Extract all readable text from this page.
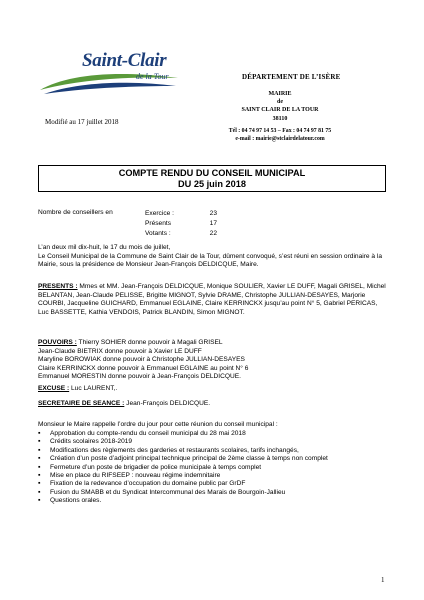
Saint-Clair
de la Tour	DÉPARTEMENT DE L’ISÈRE
MAIRIE
de
SAINT CLAIR DE LA TOUR
38110
Modifié au 17 juillet 2018
Tél : 04 74 97 14 53 – Fax : 04 74 97 81 75
e-mail : mairie@stclairdelatour.com
COMPTE RENDU DU CONSEIL MUNICIPAL
DU 25 juin 2018
Nombre de conseillers en	Exercice :	23
Présents	17
Votants :	22
L’an deux mil dix-huit, le 17 du mois de juillet,
Le Conseil Municipal de la Commune de Saint Clair de la Tour, dûment convoqué, s’est réuni en session ordinaire à la Mairie, sous la présidence de Monsieur Jean-François DELDICQUE, Maire.
PRESENTS : Mmes et MM. Jean-François DELDICQUE, Monique SOULIER, Xavier LE DUFF, Magali GRISEL, Michel BELANTAN, Jean-Claude PELISSE, Brigitte MIGNOT, Sylvie DRAME, Christophe JULLIAN-DESAYES, Marjorie COURBI, Jacqueline GUICHARD, Emmanuel EGLAINE, Claire KERRINCKX jusqu’au point N° 5, Gabriel PERICAS, Luc BASSETTE, Kathia VENDOIS, Patrick BLANDIN, Simon MIGNOT.
POUVOIRS : Thierry SOHIER donne pouvoir à Magali GRISEL
Jean-Claude BIETRIX donne pouvoir à Xavier LE DUFF
Maryline BOROWIAK donne pouvoir à Christophe JULLIAN-DESAYES
Claire KERRINCKX donne pouvoir à Emmanuel EGLAINE au point N° 6
Emmanuel MORESTIN donne pouvoir à Jean-François DELDICQUE.
EXCUSE : Luc LAURENT,.
SECRETAIRE DE SEANCE : Jean-François DELDICQUE.
Monsieur le Maire rappelle l’ordre du jour pour cette réunion du conseil municipal :
▪ Approbation du compte-rendu du conseil municipal du 28 mai 2018
▪ Crédits scolaires 2018-2019
▪ Modifications des règlements des garderies et restaurants scolaires, tarifs inchangés,
▪ Création d’un poste d’adjoint principal technique principal de 2ème classe à temps non complet
▪ Fermeture d’un poste de brigadier de police municipale à temps complet
▪ Mise en place du RIFSEEP : nouveau régime indemnitaire
▪ Fixation de la redevance d’occupation du domaine public par GrDF
▪ Fusion du SMABB et du Syndicat Intercommunal des Marais de Bourgoin-Jallieu
▪ Questions orales.
1
